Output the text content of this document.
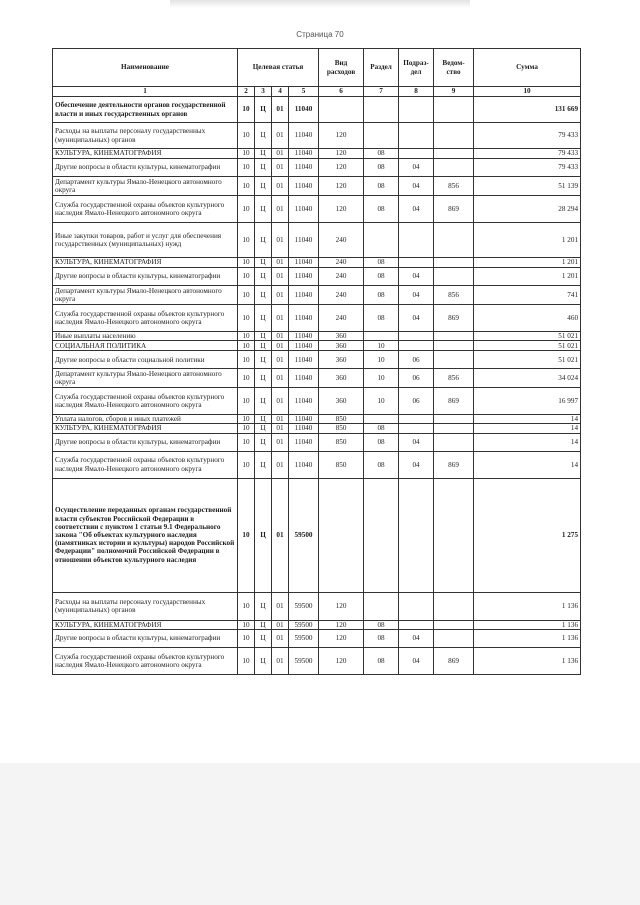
Страница 70
Наименование	Целевая статья				Вид расходов	Раздел	Подраз-дел	Ведом-ство	Сумма
1	2	3	4	5	6	7	8	9	10
Обеспечение деятельности органов государственной власти и иных государственных органов	10	Ц	01	11040					131 669
Расходы на выплаты персоналу государственных (муниципальных) органов	10	Ц	01	11040	120				79 433
КУЛЬТУРА, КИНЕМАТОГРАФИЯ	10	Ц	01	11040	120	08			79 433
Другие вопросы в области культуры, кинематографии	10	Ц	01	11040	120	08	04		79 433
Департамент культуры Ямало-Ненецкого автономного округа	10	Ц	01	11040	120	08	04	856	51 139
Служба государственной охраны объектов культурного наследия Ямало-Ненецкого автономного округа	10	Ц	01	11040	120	08	04	869	28 294
Иные закупки товаров, работ и услуг для обеспечения государственных (муниципальных) нужд	10	Ц	01	11040	240				1 201
КУЛЬТУРА, КИНЕМАТОГРАФИЯ	10	Ц	01	11040	240	08			1 201
Другие вопросы в области культуры, кинематографии	10	Ц	01	11040	240	08	04		1 201
Департамент культуры Ямало-Ненецкого автономного округа	10	Ц	01	11040	240	08	04	856	741
Служба государственной охраны объектов культурного наследия Ямало-Ненецкого автономного округа	10	Ц	01	11040	240	08	04	869	460
Иные выплаты населению	10	Ц	01	11040	360				51 021
СОЦИАЛЬНАЯ ПОЛИТИКА	10	Ц	01	11040	360	10			51 021
Другие вопросы в области социальной политики	10	Ц	01	11040	360	10	06		51 021
Департамент культуры Ямало-Ненецкого автономного округа	10	Ц	01	11040	360	10	06	856	34 024
Служба государственной охраны объектов культурного наследия Ямало-Ненецкого автономного округа	10	Ц	01	11040	360	10	06	869	16 997
Уплата налогов, сборов и иных платежей	10	Ц	01	11040	850				14
КУЛЬТУРА, КИНЕМАТОГРАФИЯ	10	Ц	01	11040	850	08			14
Другие вопросы в области культуры, кинематографии	10	Ц	01	11040	850	08	04		14
Служба государственной охраны объектов культурного наследия Ямало-Ненецкого автономного округа	10	Ц	01	11040	850	08	04	869	14
Осуществление переданных органам государственной власти субъектов Российской Федерации в соответствии с пунктом 1 статьи 9.1 Федерального закона "Об объектах культурного наследия (памятниках истории и культуры) народов Российской Федерации" полномочий Российской Федерации в отношении объектов культурного наследия	10	Ц	01	59500					1 275
Расходы на выплаты персоналу государственных (муниципальных) органов	10	Ц	01	59500	120				1 136
КУЛЬТУРА, КИНЕМАТОГРАФИЯ	10	Ц	01	59500	120	08			1 136
Другие вопросы в области культуры, кинематографии	10	Ц	01	59500	120	08	04		1 136
Служба государственной охраны объектов культурного наследия Ямало-Ненецкого автономного округа	10	Ц	01	59500	120	08	04	869	1 136
